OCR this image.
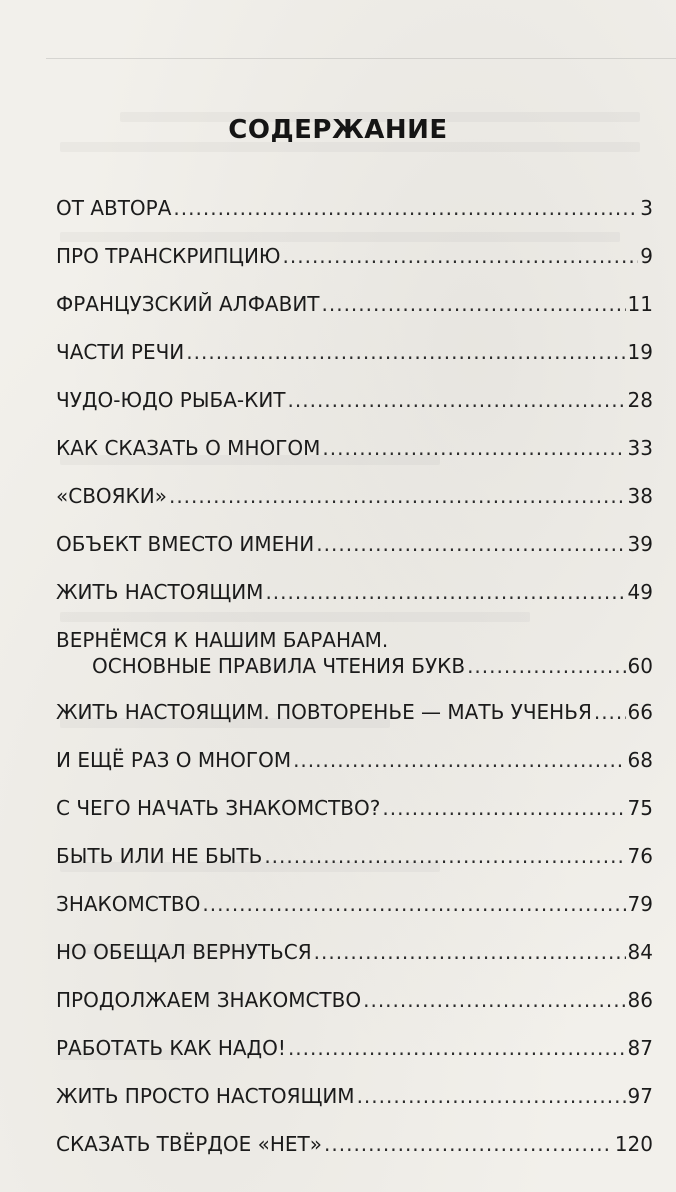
СОДЕРЖАНИЕ
ОТ АВТОРА .....	3
ПРО ТРАНСКРИПЦИЮ .....	9
ФРАНЦУЗСКИЙ АЛФАВИТ .....	11
ЧАСТИ РЕЧИ .....	19
ЧУДО-ЮДО РЫБА-КИТ .....	28
КАК СКАЗАТЬ О МНОГОМ .....	33
«СВОЯКИ» .....	38
ОБЪЕКТ ВМЕСТО ИМЕНИ .....	39
ЖИТЬ НАСТОЯЩИМ .....	49
ВЕРНЁМСЯ К НАШИМ БАРАНАМ.
ОСНОВНЫЕ ПРАВИЛА ЧТЕНИЯ БУКВ .....	60
ЖИТЬ НАСТОЯЩИМ. ПОВТОРЕНЬЕ — МАТЬ УЧЕНЬЯ ..... 66
И ЕЩЁ РАЗ О МНОГОМ .....	68
С ЧЕГО НАЧАТЬ ЗНАКОМСТВО? .....	75
БЫТЬ ИЛИ НЕ БЫТЬ .....	76
ЗНАКОМСТВО .....	79
НО ОБЕЩАЛ ВЕРНУТЬСЯ .....	84
ПРОДОЛЖАЕМ ЗНАКОМСТВО .....	86
РАБОТАТЬ КАК НАДО! .....	87
ЖИТЬ ПРОСТО НАСТОЯЩИМ .....	97
СКАЗАТЬ ТВЁРДОЕ «НЕТ» .....	120
